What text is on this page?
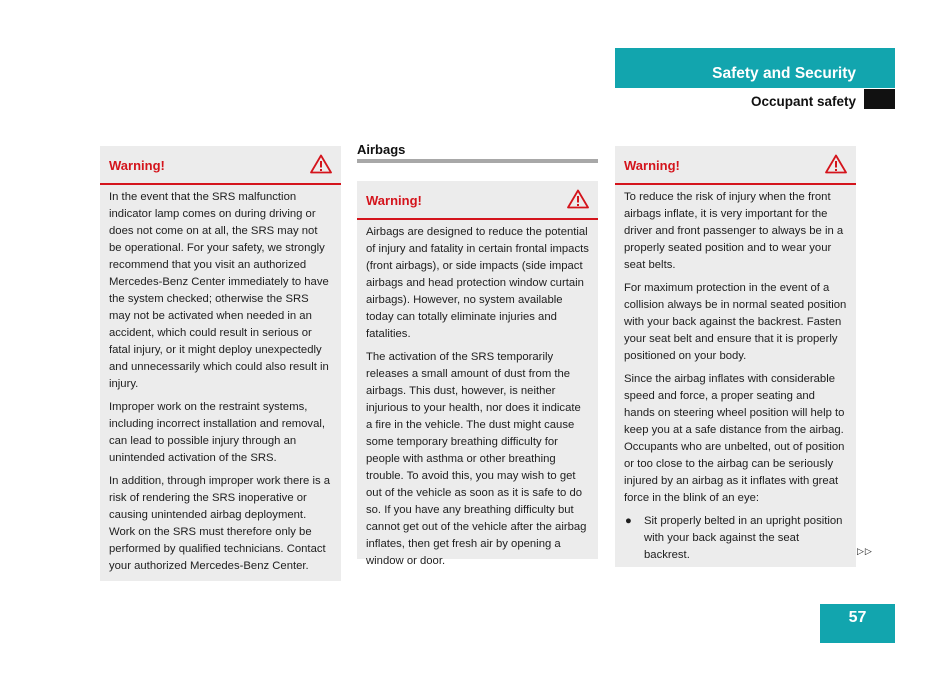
Safety and Security
Occupant safety
Warning!

In the event that the SRS malfunction indicator lamp comes on during driving or does not come on at all, the SRS may not be operational. For your safety, we strongly recommend that you visit an authorized Mercedes-Benz Center immediately to have the system checked; otherwise the SRS may not be activated when needed in an accident, which could result in serious or fatal injury, or it might deploy unexpectedly and unnecessarily which could also result in injury.

Improper work on the restraint systems, including incorrect installation and removal, can lead to possible injury through an unintended activation of the SRS.

In addition, through improper work there is a risk of rendering the SRS inoperative or causing unintended airbag deployment. Work on the SRS must therefore only be performed by qualified technicians. Contact your authorized Mercedes-Benz Center.

Airbags
Warning!

Airbags are designed to reduce the potential of injury and fatality in certain frontal impacts (front airbags), or side impacts (side impact airbags and head protection window curtain airbags). However, no system available today can totally eliminate injuries and fatalities.

The activation of the SRS temporarily releases a small amount of dust from the airbags. This dust, however, is neither injurious to your health, nor does it indicate a fire in the vehicle. The dust might cause some temporary breathing difficulty for people with asthma or other breathing trouble. To avoid this, you may wish to get out of the vehicle as soon as it is safe to do so. If you have any breathing difficulty but cannot get out of the vehicle after the airbag inflates, then get fresh air by opening a window or door.

Warning!

To reduce the risk of injury when the front airbags inflate, it is very important for the driver and front passenger to always be in a properly seated position and to wear your seat belts.

For maximum protection in the event of a collision always be in normal seated position with your back against the backrest. Fasten your seat belt and ensure that it is properly positioned on your body.

Since the airbag inflates with considerable speed and force, a proper seating and hands on steering wheel position will help to keep you at a safe distance from the airbag. Occupants who are unbelted, out of position or too close to the airbag can be seriously injured by an airbag as it inflates with great force in the blink of an eye:

● Sit properly belted in an upright position with your back against the seat backrest.	▷▷
57
